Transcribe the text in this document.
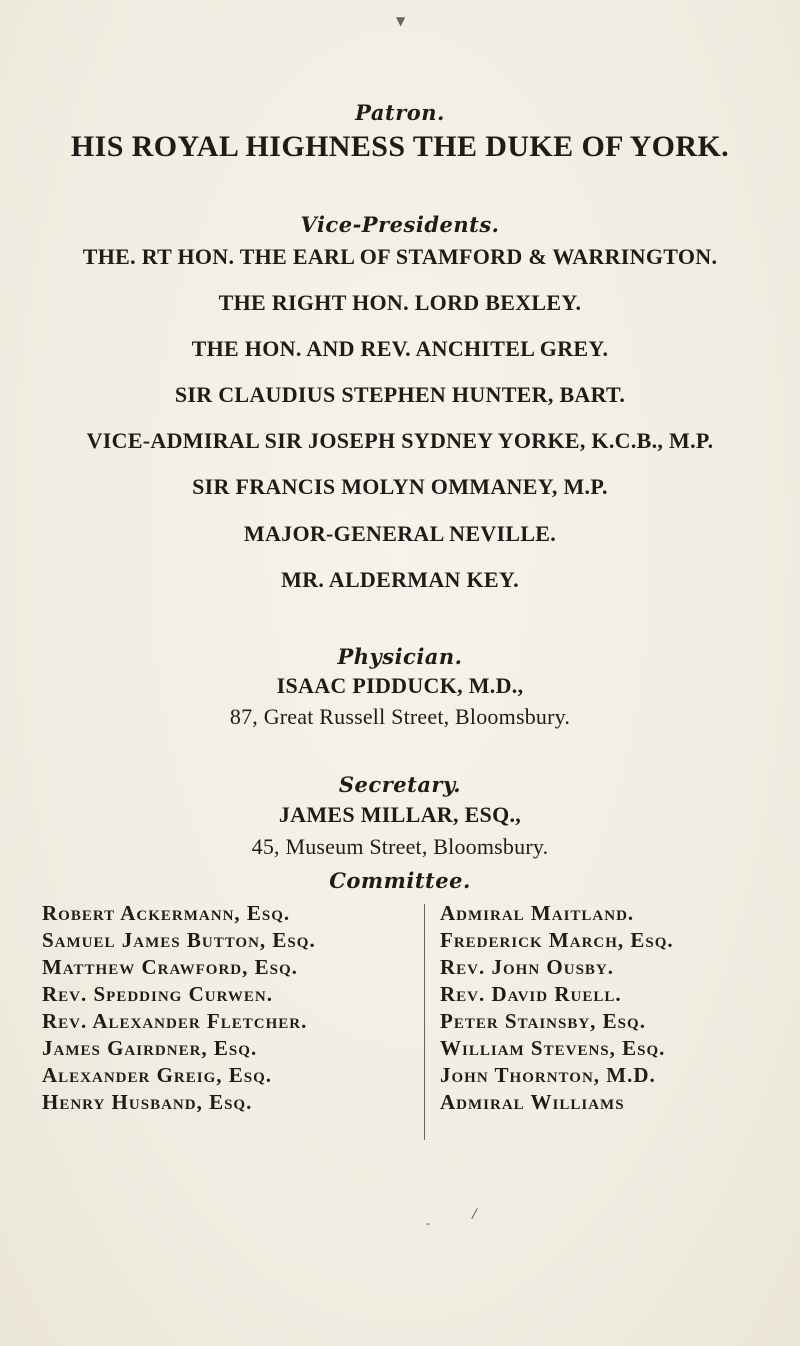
▼
Patron.
HIS ROYAL HIGHNESS THE DUKE OF YORK.
Vice-Presidents.
THE. RT HON. THE EARL OF STAMFORD & WARRINGTON.
THE RIGHT HON. LORD BEXLEY.
THE HON. AND REV. ANCHITEL GREY.
SIR CLAUDIUS STEPHEN HUNTER, BART.
VICE-ADMIRAL SIR JOSEPH SYDNEY YORKE, K.C.B., M.P.
SIR FRANCIS MOLYN OMMANEY, M.P.
MAJOR-GENERAL NEVILLE.
MR. ALDERMAN KEY.
Physician.
ISAAC PIDDUCK, M.D.,
87, Great Russell Street, Bloomsbury.
Secretary.
JAMES MILLAR, ESQ.,
45, Museum Street, Bloomsbury.
Committee.
Robert Ackermann, Esq.
Samuel James Button, Esq.
Matthew Crawford, Esq.
Rev. Spedding Curwen.
Rev. Alexander Fletcher.
James Gairdner, Esq.
Alexander Greig, Esq.
Henry Husband, Esq.
Admiral Maitland.
Frederick March, Esq.
Rev. John Ousby.
Rev. David Ruell.
Peter Stainsby, Esq.
William Stevens, Esq.
John Thornton, M.D.
Admiral Williams
-	/
